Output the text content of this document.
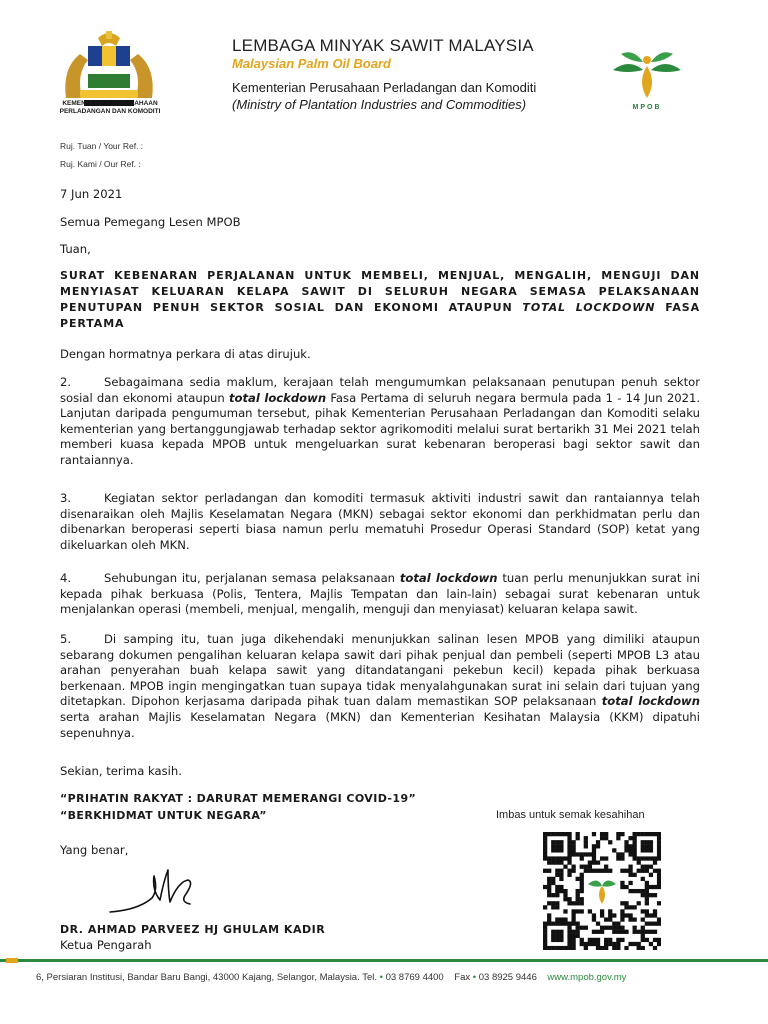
KEMENTERIAN PERUSAHAAN
PERLADANGAN DAN KOMODITI
LEMBAGA MINYAK SAWIT MALAYSIA
Malaysian Palm Oil Board
Kementerian Perusahaan Perladangan dan Komoditi
(Ministry of Plantation Industries and Commodities)	MPOB
Ruj. Tuan / Your Ref. :
Ruj. Kami / Our Ref. :
7 Jun 2021
Semua Pemegang Lesen MPOB
Tuan,
SURAT KEBENARAN PERJALANAN UNTUK MEMBELI, MENJUAL, MENGALIH, MENGUJI DAN MENYIASAT KELUARAN KELAPA SAWIT DI SELURUH NEGARA SEMASA PELAKSANAAN PENUTUPAN PENUH SEKTOR SOSIAL DAN EKONOMI ATAUPUN TOTAL LOCKDOWN FASA PERTAMA
Dengan hormatnya perkara di atas dirujuk.
2.	Sebagaimana sedia maklum, kerajaan telah mengumumkan pelaksanaan penutupan penuh sektor sosial dan ekonomi ataupun total lockdown Fasa Pertama di seluruh negara bermula pada 1 - 14 Jun 2021. Lanjutan daripada pengumuman tersebut, pihak Kementerian Perusahaan Perladangan dan Komoditi selaku kementerian yang bertanggungjawab terhadap sektor agrikomoditi melalui surat bertarikh 31 Mei 2021 telah memberi kuasa kepada MPOB untuk mengeluarkan surat kebenaran beroperasi bagi sektor sawit dan rantaiannya.
3.	Kegiatan sektor perladangan dan komoditi termasuk aktiviti industri sawit dan rantaiannya telah disenaraikan oleh Majlis Keselamatan Negara (MKN) sebagai sektor ekonomi dan perkhidmatan perlu dan dibenarkan beroperasi seperti biasa namun perlu mematuhi Prosedur Operasi Standard (SOP) ketat yang dikeluarkan oleh MKN.
4.	Sehubungan itu, perjalanan semasa pelaksanaan total lockdown tuan perlu menunjukkan surat ini kepada pihak berkuasa (Polis, Tentera, Majlis Tempatan dan lain-lain) sebagai surat kebenaran untuk menjalankan operasi (membeli, menjual, mengalih, menguji dan menyiasat) keluaran kelapa sawit.
5.	Di samping itu, tuan juga dikehendaki menunjukkan salinan lesen MPOB yang dimiliki ataupun sebarang dokumen pengalihan keluaran kelapa sawit dari pihak penjual dan pembeli (seperti MPOB L3 atau arahan penyerahan buah kelapa sawit yang ditandatangani pekebun kecil) kepada pihak berkuasa berkenaan. MPOB ingin mengingatkan tuan supaya tidak menyalahgunakan surat ini selain dari tujuan yang ditetapkan. Dipohon kerjasama daripada pihak tuan dalam memastikan SOP pelaksanaan total lockdown serta arahan Majlis Keselamatan Negara (MKN) dan Kementerian Kesihatan Malaysia (KKM) dipatuhi sepenuhnya.
Sekian, terima kasih.
“PRIHATIN RAKYAT : DARURAT MEMERANGI COVID-19”
“BERKHIDMAT UNTUK NEGARA”	Imbas untuk semak kesahihan
Yang benar,
DR. AHMAD PARVEEZ HJ GHULAM KADIR
Ketua Pengarah
6, Persiaran Institusi, Bandar Baru Bangi, 43000 Kajang, Selangor, Malaysia. Tel. • 03 8769 4400 Fax • 03 8925 9446 www.mpob.gov.my
